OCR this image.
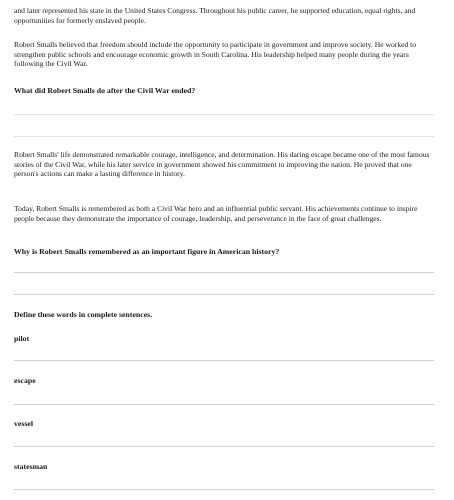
and later represented his state in the United States Congress. Throughout his public career, he supported education, equal rights, and opportunities for formerly enslaved people.

Robert Smalls believed that freedom should include the opportunity to participate in government and improve society. He worked to strengthen public schools and encourage economic growth in South Carolina. His leadership helped many people during the years following the Civil War.

What did Robert Smalls do after the Civil War ended?

Robert Smalls' life demonstrated remarkable courage, intelligence, and determination. His daring escape became one of the most famous stories of the Civil War, while his later service in government showed his commitment to improving the nation. He proved that one person's actions can make a lasting difference in history.

Today, Robert Smalls is remembered as both a Civil War hero and an influential public servant. His achievements continue to inspire people because they demonstrate the importance of courage, leadership, and perseverance in the face of great challenges.

Why is Robert Smalls remembered as an important figure in American history?

Define these words in complete sentences.

pilot

escape

vessel

statesman
